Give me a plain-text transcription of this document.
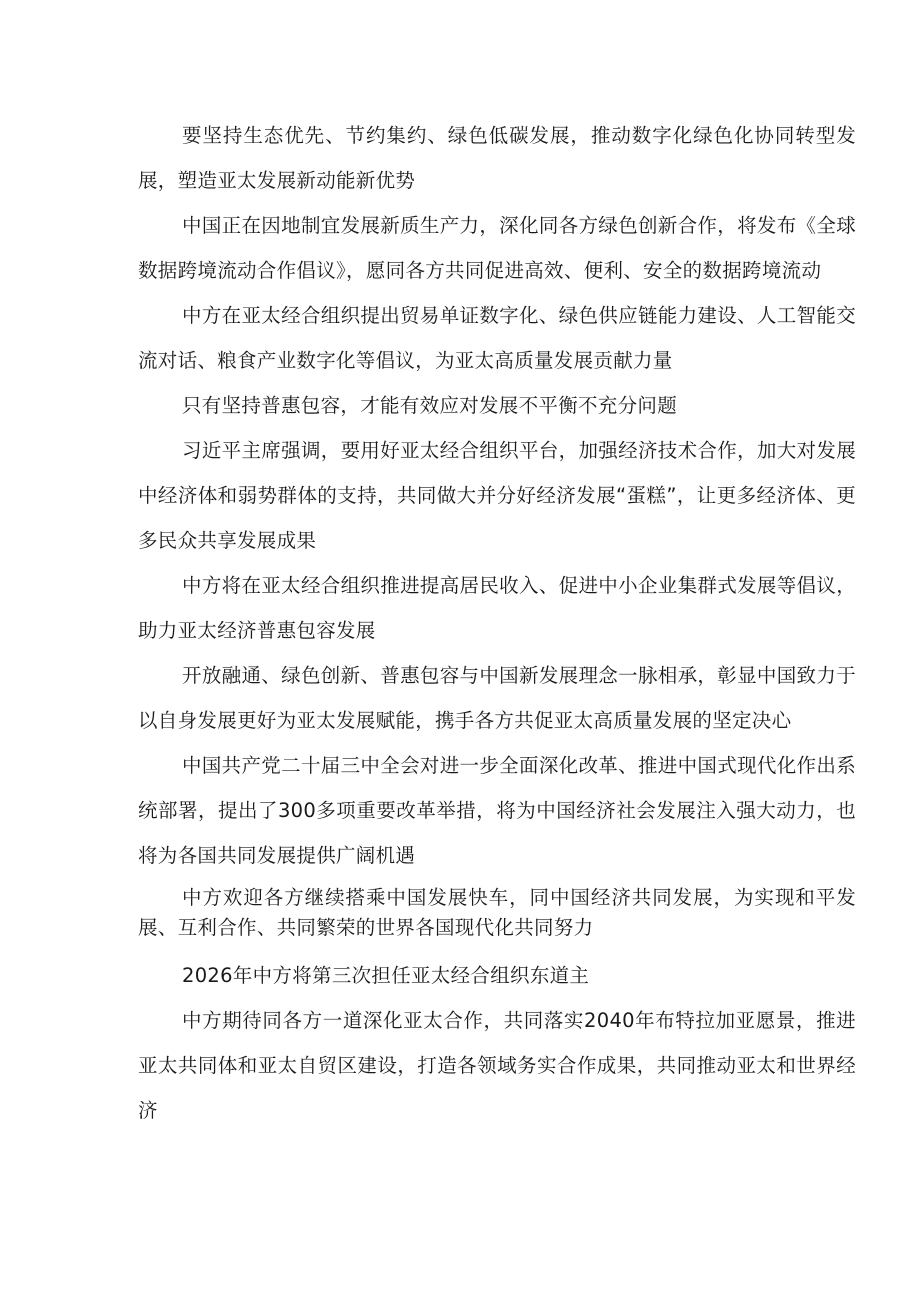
要坚持生态优先、节约集约、绿色低碳发展，推动数字化绿色化协同转型发展，塑造亚太发展新动能新优势

中国正在因地制宜发展新质生产力，深化同各方绿色创新合作，将发布《全球数据跨境流动合作倡议》，愿同各方共同促进高效、便利、安全的数据跨境流动

中方在亚太经合组织提出贸易单证数字化、绿色供应链能力建设、人工智能交流对话、粮食产业数字化等倡议，为亚太高质量发展贡献力量

只有坚持普惠包容，才能有效应对发展不平衡不充分问题

习近平主席强调，要用好亚太经合组织平台，加强经济技术合作，加大对发展中经济体和弱势群体的支持，共同做大并分好经济发展“蛋糕”，让更多经济体、更多民众共享发展成果

中方将在亚太经合组织推进提高居民收入、促进中小企业集群式发展等倡议，助力亚太经济普惠包容发展

开放融通、绿色创新、普惠包容与中国新发展理念一脉相承，彰显中国致力于以自身发展更好为亚太发展赋能，携手各方共促亚太高质量发展的坚定决心

中国共产党二十届三中全会对进一步全面深化改革、推进中国式现代化作出系统部署，提出了300多项重要改革举措，将为中国经济社会发展注入强大动力，也将为各国共同发展提供广阔机遇

中方欢迎各方继续搭乘中国发展快车，同中国经济共同发展，为实现和平发展、互利合作、共同繁荣的世界各国现代化共同努力

2026年中方将第三次担任亚太经合组织东道主

中方期待同各方一道深化亚太合作，共同落实2040年布特拉加亚愿景，推进亚太共同体和亚太自贸区建设，打造各领域务实合作成果，共同推动亚太和世界经济
